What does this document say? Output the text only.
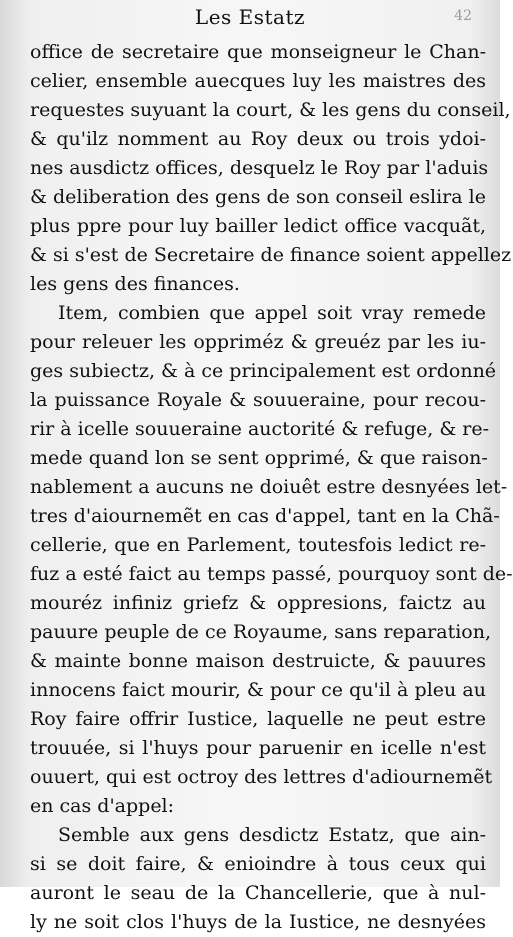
Les Estatz	42
office de secretaire que monseigneur le Chan-
celier, ensemble auecques luy les maistres des
requestes suyuant la court, & les gens du conseil,
& qu'ilz nomment au Roy deux ou trois ydoi-
nes ausdictz offices, desquelz le Roy par l'aduis
& deliberation des gens de son conseil eslira le
plus ppre pour luy bailler ledict office vacquãt,
& si s'est de Secretaire de finance soient appellez
les gens des finances.
Item, combien que appel soit vray remede
pour releuer les oppriméz & greuéz par les iu-
ges subiectz, & à ce principalement est ordonné
la puissance Royale & souueraine, pour recou-
rir à icelle souueraine auctorité & refuge, & re-
mede quand lon se sent opprimé, & que raison-
nablement a aucuns ne doiuêt estre desnyées let-
tres d'aiournemẽt en cas d'appel, tant en la Chã-
cellerie, que en Parlement, toutesfois ledict re-
fuz a esté faict au temps passé, pourquoy sont de-
mouréz infiniz griefz & oppresions, faictz au
pauure peuple de ce Royaume, sans reparation,
& mainte bonne maison destruicte, & pauures
innocens faict mourir, & pour ce qu'il à pleu au
Roy faire offrir Iustice, laquelle ne peut estre
trouuée, si l'huys pour paruenir en icelle n'est
ouuert, qui est octroy des lettres d'adiournemẽt
en cas d'appel:
Semble aux gens desdictz Estatz, que ain-
si se doit faire, & enioindre à tous ceux qui
auront le seau de la Chancellerie, que à nul-
ly ne soit clos l'huys de la Iustice, ne desnyées
